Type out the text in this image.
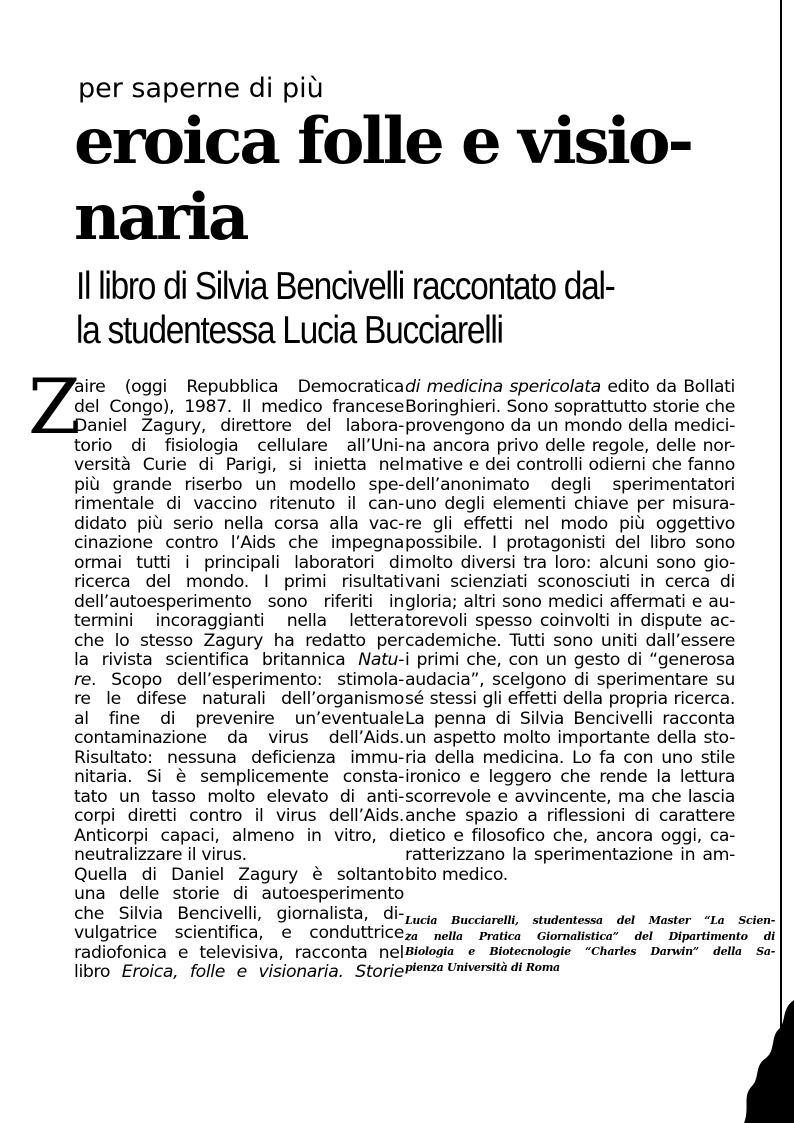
per saperne di più
eroica folle e visio-
naria
Il libro di Silvia Bencivelli raccontato dal-
la studentessa Lucia Bucciarelli
Z
aire (oggi Repubblica Democratica
del Congo), 1987. Il medico francese
Daniel Zagury, direttore del labora-
torio di fisiologia cellulare all’Uni-
versità Curie di Parigi, si inietta nel
più grande riserbo un modello spe-
rimentale di vaccino ritenuto il can-
didato più serio nella corsa alla vac-
cinazione contro l’Aids che impegna
ormai tutti i principali laboratori di
ricerca del mondo. I primi risultati
dell’autoesperimento sono riferiti in
termini incoraggianti nella lettera
che lo stesso Zagury ha redatto per
la rivista scientifica britannica Natu-
re. Scopo dell’esperimento: stimola-
re le difese naturali dell’organismo
al fine di prevenire un’eventuale
contaminazione da virus dell’Aids.
Risultato: nessuna deficienza immu-
nitaria. Si è semplicemente consta-
tato un tasso molto elevato di anti-
corpi diretti contro il virus dell’Aids.
Anticorpi capaci, almeno in vitro, di
neutralizzare il virus.
Quella di Daniel Zagury è soltanto
una delle storie di autoesperimento
che Silvia Bencivelli, giornalista, di-
vulgatrice scientifica, e conduttrice
radiofonica e televisiva, racconta nel
libro Eroica, folle e visionaria. Storie
di medicina spericolata edito da Bollati
Boringhieri. Sono soprattutto storie che
provengono da un mondo della medici-
na ancora privo delle regole, delle nor-
mative e dei controlli odierni che fanno
dell’anonimato degli sperimentatori
uno degli elementi chiave per misura-
re gli effetti nel modo più oggettivo
possibile. I protagonisti del libro sono
molto diversi tra loro: alcuni sono gio-
vani scienziati sconosciuti in cerca di
gloria; altri sono medici affermati e au-
torevoli spesso coinvolti in dispute ac-
cademiche. Tutti sono uniti dall’essere
i primi che, con un gesto di “generosa
audacia”, scelgono di sperimentare su
sé stessi gli effetti della propria ricerca.
La penna di Silvia Bencivelli racconta
un aspetto molto importante della sto-
ria della medicina. Lo fa con uno stile
ironico e leggero che rende la lettura
scorrevole e avvincente, ma che lascia
anche spazio a riflessioni di carattere
etico e filosofico che, ancora oggi, ca-
ratterizzano la sperimentazione in am-
bito medico.
Lucia Bucciarelli, studentessa del Master “La Scien-
za nella Pratica Giornalistica” del Dipartimento di
Biologia e Biotecnologie “Charles Darwin” della Sa-
pienza Università di Roma
